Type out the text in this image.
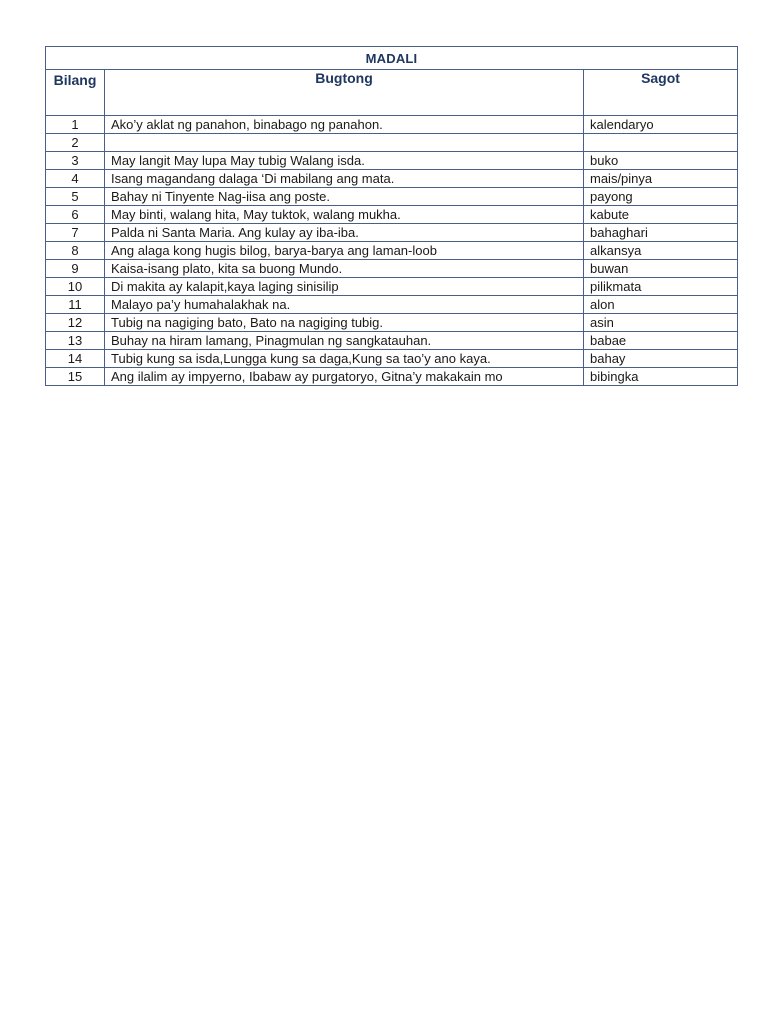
MADALI		
Bilang	Bugtong	Sagot
1	Ako’y aklat ng panahon, binabago ng panahon.	kalendaryo
2		
3	May langit May lupa May tubig Walang isda.	buko
4	Isang magandang dalaga ‘Di mabilang ang mata.	mais/pinya
5	Bahay ni Tinyente Nag-iisa ang poste.	payong
6	May binti, walang hita, May tuktok, walang mukha.	kabute
7	Palda ni Santa Maria. Ang kulay ay iba-iba.	bahaghari
8	Ang alaga kong hugis bilog, barya-barya ang laman-loob	alkansya
9	Kaisa-isang plato, kita sa buong Mundo.	buwan
10	Di makita ay kalapit,kaya laging sinisilip	pilikmata
11	Malayo pa’y humahalakhak na.	alon
12	Tubig na nagiging bato, Bato na nagiging tubig.	asin
13	Buhay na hiram lamang, Pinagmulan ng sangkatauhan.	babae
14	Tubig kung sa isda,Lungga kung sa daga,Kung sa tao’y ano kaya.	bahay
15	Ang ilalim ay impyerno, Ibabaw ay purgatoryo, Gitna’y makakain mo	bibingka
